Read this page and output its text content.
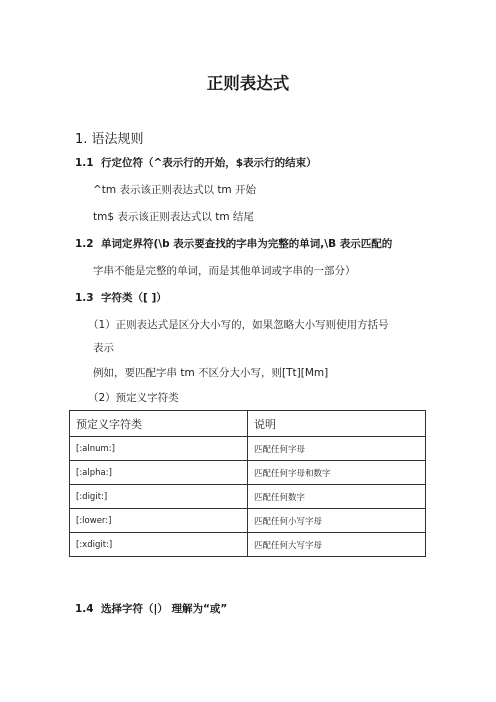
正则表达式
1. 语法规则
1.1 行定位符（^表示行的开始，$表示行的结束）
^tm 表示该正则表达式以 tm 开始
tm$ 表示该正则表达式以 tm 结尾
1.2 单词定界符(\b 表示要查找的字串为完整的单词,\B 表示匹配的
字串不能是完整的单词，而是其他单词或字串的一部分）
1.3 字符类（[ ]）
（1）正则表达式是区分大小写的，如果忽略大小写则使用方括号
表示
例如，要匹配字串 tm 不区分大小写，则[Tt][Mm]
（2）预定义字符类
预定义字符类	说明
[:alnum:]	匹配任何字母
[:alpha:]	匹配任何字母和数字
[:digit:]	匹配任何数字
[:lower:]	匹配任何小写字母
[:xdigit:]	匹配任何大写字母
1.4 选择字符（|） 理解为“或”
